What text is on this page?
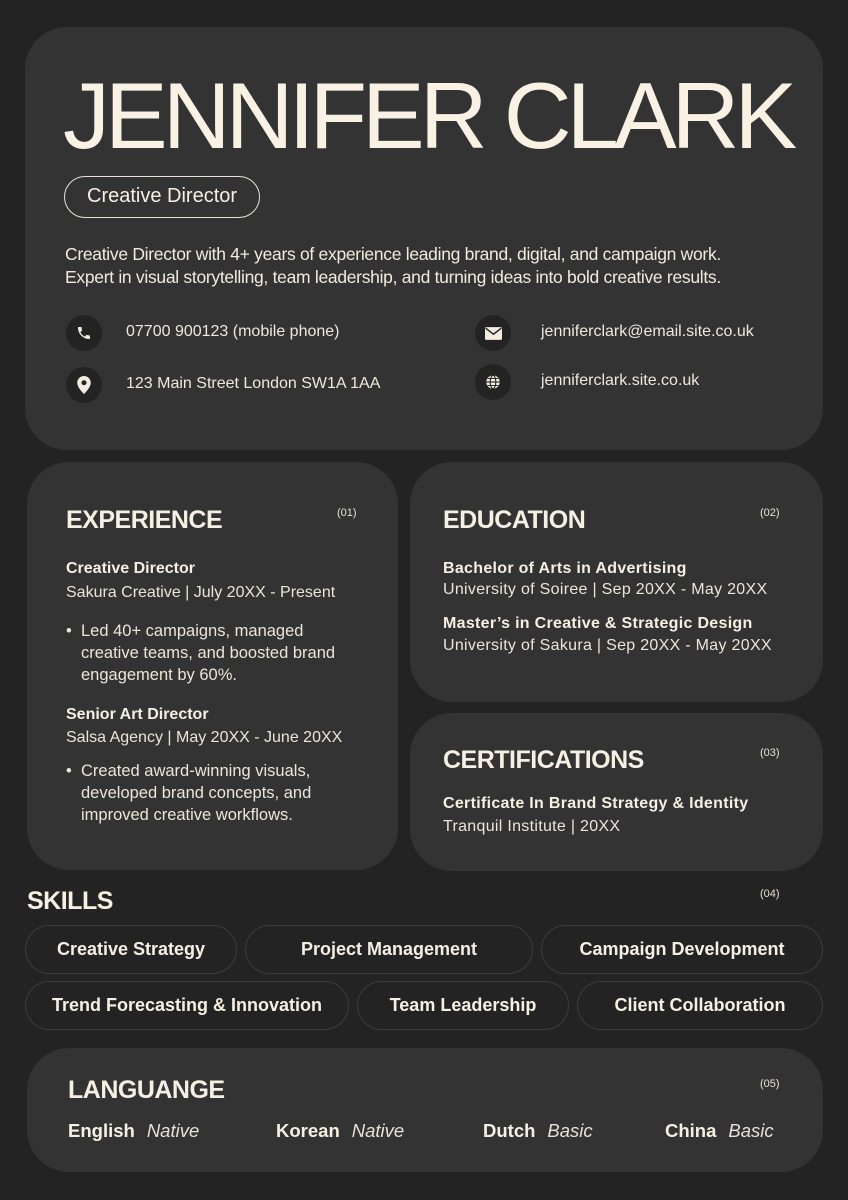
JENNIFER CLARK
Creative Director
Creative Director with 4+ years of experience leading brand, digital, and campaign work.
Expert in visual storytelling, team leadership, and turning ideas into bold creative results.
07700 900123 (mobile phone)	jenniferclark@email.site.co.uk
123 Main Street London SW1A 1AA	jenniferclark.site.co.uk
EXPERIENCE	(01)
Creative Director
Sakura Creative | July 20XX - Present
• Led 40+ campaigns, managed
creative teams, and boosted brand
engagement by 60%.
Senior Art Director
Salsa Agency | May 20XX - June 20XX
• Created award-winning visuals,
developed brand concepts, and
improved creative workflows.
EDUCATION	(02)
Bachelor of Arts in Advertising
University of Soiree | Sep 20XX - May 20XX
Master’s in Creative & Strategic Design
University of Sakura | Sep 20XX - May 20XX
CERTIFICATIONS	(03)
Certificate In Brand Strategy & Identity
Tranquil Institute | 20XX
SKILLS	(04)
Creative Strategy	Project Management	Campaign Development
Trend Forecasting & Innovation	Team Leadership	Client Collaboration
LANGUANGE	(05)
English Native	Korean Native	Dutch Basic	China Basic
